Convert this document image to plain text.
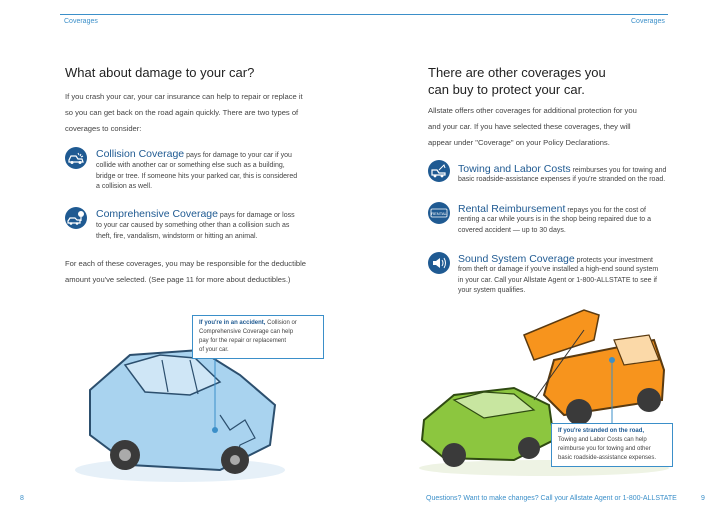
Coverages
What about damage to your car?
If you crash your car, your car insurance can help to repair or replace it
so you can get back on the road again quickly. There are two types of
coverages to consider:
Collision Coverage pays for damage to your car if you
collide with another car or something else such as a building,
bridge or tree. If someone hits your parked car, this is considered
a collision as well.
Comprehensive Coverage pays for damage or loss
to your car caused by something other than a collision such as
theft, fire, vandalism, windstorm or hitting an animal.
For each of these coverages, you may be responsible for the deductible
amount you've selected. (See page 11 for more about deductibles.)
If you're in an accident, Collision or
Comprehensive Coverage can help
pay for the repair or replacement
of your car.
8
Coverages
There are other coverages you
can buy to protect your car.
Allstate offers other coverages for additional protection for you
and your car. If you have selected these coverages, they will
appear under "Coverage" on your Policy Declarations.
Towing and Labor Costs reimburses you for towing and
basic roadside-assistance expenses if you're stranded on the road.
RENTAL Rental Reimbursement repays you for the cost of
renting a car while yours is in the shop being repaired due to a
covered accident — up to 30 days.
Sound System Coverage protects your investment
from theft or damage if you've installed a high-end sound system
in your car. Call your Allstate Agent or 1-800-ALLSTATE to see if
your system qualifies.
If you're stranded on the road,
Towing and Labor Costs can help
reimburse you for towing and other
basic roadside-assistance expenses.
Questions? Want to make changes? Call your Allstate Agent or 1-800-ALLSTATE	9
